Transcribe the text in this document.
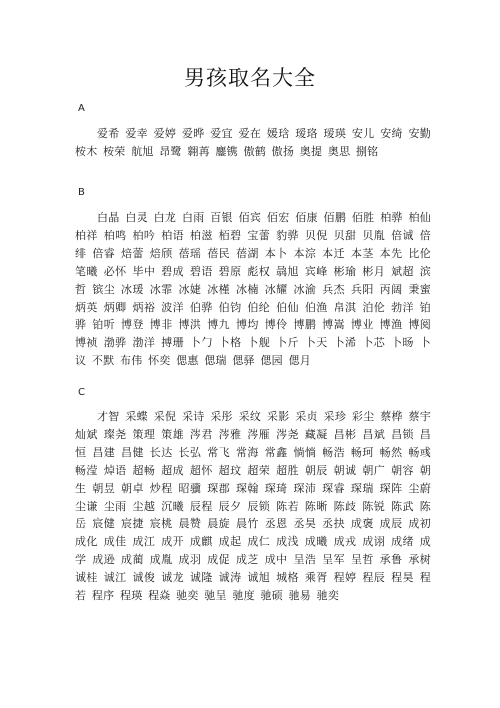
男孩取名大全
A
爱希 爱幸 爱婷 爱晔 爱宜 爱在 媛琀 瑷珞 瑷瑛 安儿 安绮 安勤 桉木 桉荣 航旭 昂鹭 翱苒 鏖镌 傲鹤 傲扬 奥提 奥思 捌铭
B
白晶 白灵 白龙 白雨 百银 佰宾 佰宏 佰康 佰鹏 佰胜 柏骅 柏仙 柏祥 柏鸣 柏吟 柏语 柏滋 栢碧 宝蕾 豹骅 贝倪 贝甜 贝胤 倍诚 倍绯 倍睿 焙蕾 焙颀 蓓瑶 蓓民 蓓湖 本卜 本淙 本迁 本茎 本先 比伦 笔曦 必怀 毕中 碧成 碧语 碧原 彪权 骉旭 宾峰 彬瑜 彬月 斌超 滨哲 镔尘 冰瑗 冰霏 冰婕 冰槿 冰楠 冰耀 冰渝 兵杰 兵阳 丙阔 秉蜜 炳英 炳卿 炳裕 波洋 伯骅 伯钧 伯纶 伯仙 伯渔 帛淇 泊伦 勃洋 铂骅 铂听 博登 博非 博洪 博九 博均 博伶 博鹏 博嵩 博业 博渔 博阅 博祯 渤骅 渤洋 搏珊 卜勹 卜格 卜舰 卜斤 卜天 卜浠 卜芯 卜旸 卜议 不默 布伟 怀奕 偲惠 偲瑞 偲驿 偲园 偲月
C
才智 采蝶 采倪 采诗 采彤 采纹 采影 采贞 采珍 彩尘 蔡桦 蔡宇 灿斌 璨尧 策理 策雄 涔君 涔雅 涔雁 涔尧 藏凝 昌彬 昌斌 昌锁 昌恒 昌建 昌健 长达 长弘 常飞 常海 常鑫 惝惝 畅浩 畅珂 畅然 畅彧 畅滢 焯语 超畅 超成 超怀 超玟 超荣 超胜 朝辰 朝诚 朝广 朝容 朝生 朝昱 朝卓 炒程 昭骥 琛郡 琛翰 琛琦 琛沛 琛睿 琛瑞 琛阵 尘蔚 尘谦 尘雨 尘越 沉曦 辰程 辰夕 辰锁 陈若 陈晰 陈歧 陈锐 陈武 陈岳 宸健 宸捷 宸桃 晨赞 晨旋 晨竹 丞恩 丞昊 丞抉 成褒 成辰 成初 成化 成佳 成江 成开 成麒 成起 成仁 成浅 成曦 成戎 成诩 成绪 成学 成逊 成蔺 成胤 成羽 成促 成芝 成中 呈浩 呈军 呈哲 承鲁 承树 诚桂 诚江 诚俊 诚龙 诚隆 诚涛 诚旭 城格 乘胥 程婷 程辰 程昊 程若 程序 程瑛 程焱 驰奕 驰呈 驰度 驰硕 驰易 驰奕
